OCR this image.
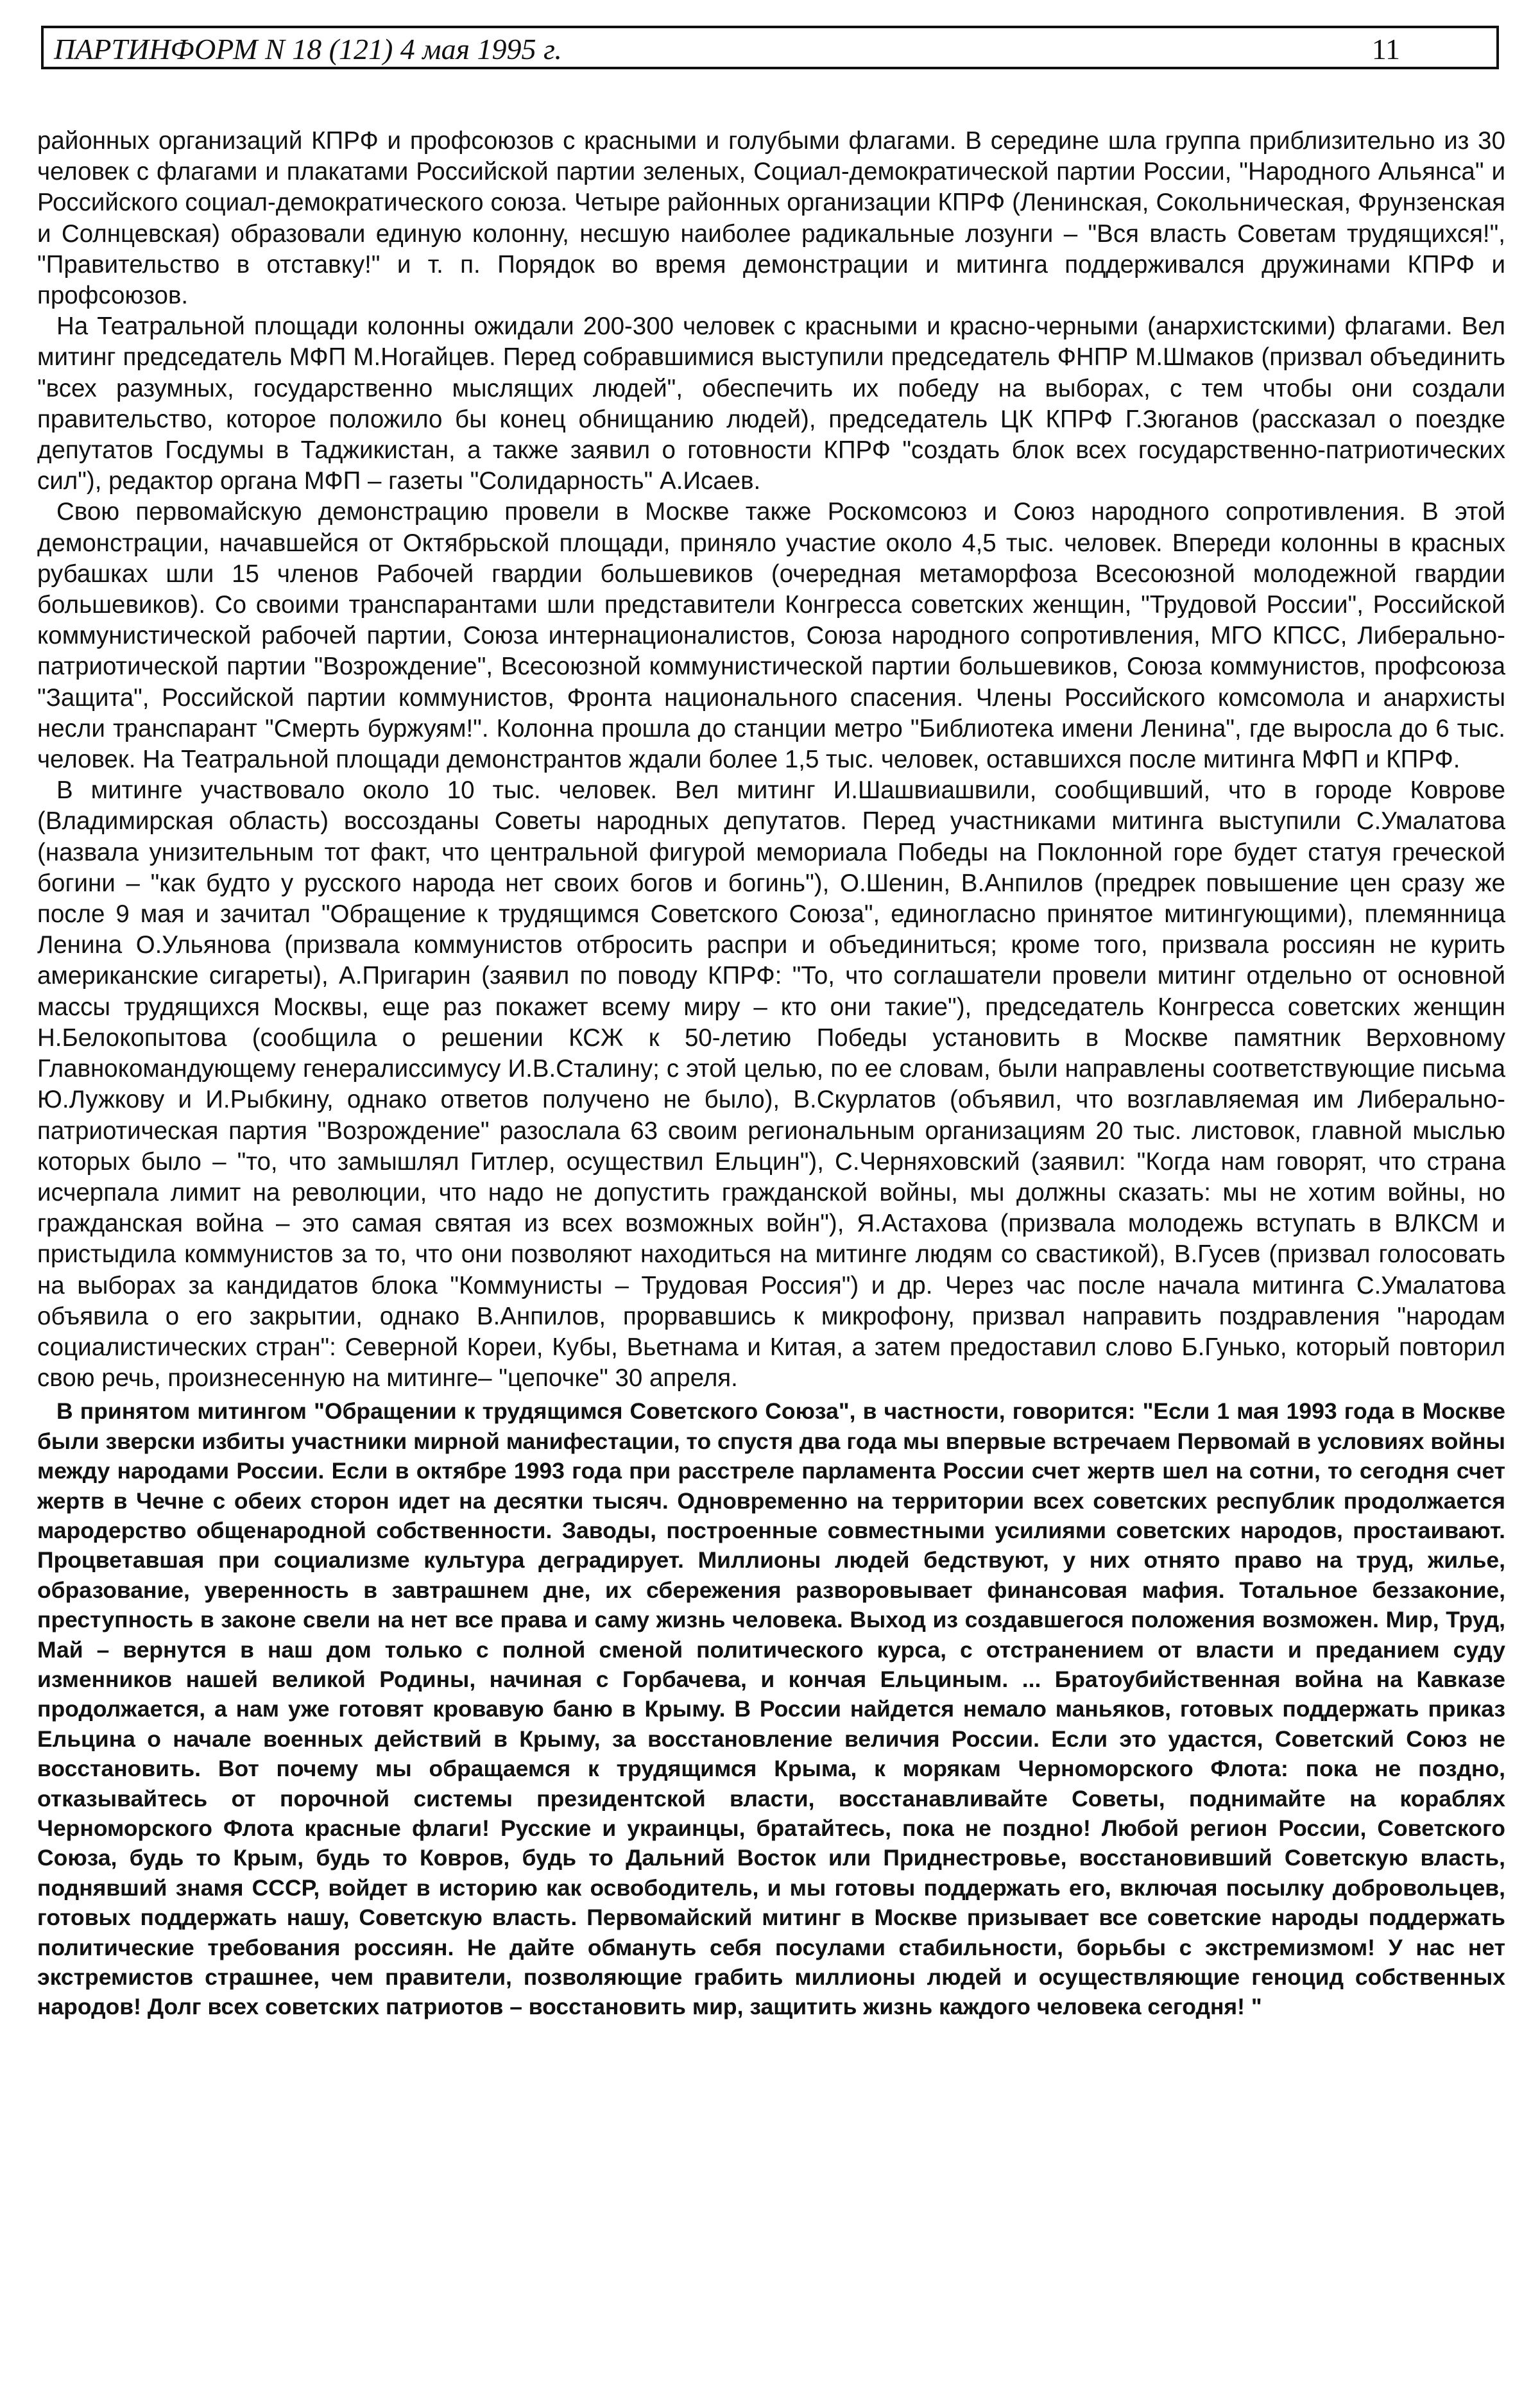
ПАРТИНФОРМ N 18 (121) 4 мая 1995 г.	11

районных организаций КПРФ и профсоюзов с красными и голубыми флагами. В середине шла группа приблизительно из 30 человек с флагами и плакатами Российской партии зеленых, Социал-демократической партии России, "Народного Альянса" и Российского социал-демократического союза. Четыре районных организации КПРФ (Ленинская, Сокольническая, Фрунзенская и Солнцевская) образовали единую колонну, несшую наиболее радикальные лозунги – "Вся власть Советам трудящихся!", "Правительство в отставку!" и т. п. Порядок во время демонстрации и митинга поддерживался дружинами КПРФ и профсоюзов.

На Театральной площади колонны ожидали 200-300 человек с красными и красно-черными (анархистскими) флагами. Вел митинг председатель МФП М.Ногайцев. Перед собравшимися выступили председатель ФНПР М.Шмаков (призвал объединить "всех разумных, государственно мыслящих людей", обеспечить их победу на выборах, с тем чтобы они создали правительство, которое положило бы конец обнищанию людей), председатель ЦК КПРФ Г.Зюганов (рассказал о поездке депутатов Госдумы в Таджикистан, а также заявил о готовности КПРФ "создать блок всех государственно-патриотических сил"), редактор органа МФП – газеты "Солидарность" А.Исаев.

Свою первомайскую демонстрацию провели в Москве также Роскомсоюз и Союз народного сопротивления. В этой демонстрации, начавшейся от Октябрьской площади, приняло участие около 4,5 тыс. человек. Впереди колонны в красных рубашках шли 15 членов Рабочей гвардии большевиков (очередная метаморфоза Всесоюзной молодежной гвардии большевиков). Со своими транспарантами шли представители Конгресса советских женщин, "Трудовой России", Российской коммунистической рабочей партии, Союза интернационалистов, Союза народного сопротивления, МГО КПСС, Либерально-патриотической партии "Возрождение", Всесоюзной коммунистической партии большевиков, Союза коммунистов, профсоюза "Защита", Российской партии коммунистов, Фронта национального спасения. Члены Российского комсомола и анархисты несли транспарант "Смерть буржуям!". Колонна прошла до станции метро "Библиотека имени Ленина", где выросла до 6 тыс. человек. На Театральной площади демонстрантов ждали более 1,5 тыс. человек, оставшихся после митинга МФП и КПРФ.

В митинге участвовало около 10 тыс. человек. Вел митинг И.Шашвиашвили, сообщивший, что в городе Коврове (Владимирская область) воссозданы Советы народных депутатов. Перед участниками митинга выступили С.Умалатова (назвала унизительным тот факт, что центральной фигурой мемориала Победы на Поклонной горе будет статуя греческой богини – "как будто у русского народа нет своих богов и богинь"), О.Шенин, В.Анпилов (предрек повышение цен сразу же после 9 мая и зачитал "Обращение к трудящимся Советского Союза", единогласно принятое митингующими), племянница Ленина О.Ульянова (призвала коммунистов отбросить распри и объединиться; кроме того, призвала россиян не курить американские сигареты), А.Пригарин (заявил по поводу КПРФ: "То, что соглашатели провели митинг отдельно от основной массы трудящихся Москвы, еще раз покажет всему миру – кто они такие"), председатель Конгресса советских женщин Н.Белокопытова (сообщила о решении КСЖ к 50-летию Победы установить в Москве памятник Верховному Главнокомандующему генералиссимусу И.В.Сталину; с этой целью, по ее словам, были направлены соответствующие письма Ю.Лужкову и И.Рыбкину, однако ответов получено не было), В.Скурлатов (объявил, что возглавляемая им Либерально-патриотическая партия "Возрождение" разослала 63 своим региональным организациям 20 тыс. листовок, главной мыслью которых было – "то, что замышлял Гитлер, осуществил Ельцин"), С.Черняховский (заявил: "Когда нам говорят, что страна исчерпала лимит на революции, что надо не допустить гражданской войны, мы должны сказать: мы не хотим войны, но гражданская война – это самая святая из всех возможных войн"), Я.Астахова (призвала молодежь вступать в ВЛКСМ и пристыдила коммунистов за то, что они позволяют находиться на митинге людям со свастикой), В.Гусев (призвал голосовать на выборах за кандидатов блока "Коммунисты – Трудовая Россия") и др. Через час после начала митинга С.Умалатова объявила о его закрытии, однако В.Анпилов, прорвавшись к микрофону, призвал направить поздравления "народам социалистических стран": Северной Кореи, Кубы, Вьетнама и Китая, а затем предоставил слово Б.Гунько, который повторил свою речь, произнесенную на митинге– "цепочке" 30 апреля.

В принятом митингом "Обращении к трудящимся Советского Союза", в частности, говорится: "Если 1 мая 1993 года в Москве были зверски избиты участники мирной манифестации, то спустя два года мы впервые встречаем Первомай в условиях войны между народами России. Если в октябре 1993 года при расстреле парламента России счет жертв шел на сотни, то сегодня счет жертв в Чечне с обеих сторон идет на десятки тысяч. Одновременно на территории всех советских республик продолжается мародерство общенародной собственности. Заводы, построенные совместными усилиями советских народов, простаивают. Процветавшая при социализме культура деградирует. Миллионы людей бедствуют, у них отнято право на труд, жилье, образование, уверенность в завтрашнем дне, их сбережения разворовывает финансовая мафия. Тотальное беззаконие, преступность в законе свели на нет все права и саму жизнь человека. Выход из создавшегося положения возможен. Мир, Труд, Май – вернутся в наш дом только с полной сменой политического курса, с отстранением от власти и преданием суду изменников нашей великой Родины, начиная с Горбачева, и кончая Ельциным. ... Братоубийственная война на Кавказе продолжается, а нам уже готовят кровавую баню в Крыму. В России найдется немало маньяков, готовых поддержать приказ Ельцина о начале военных действий в Крыму, за восстановление величия России. Если это удастся, Советский Союз не восстановить. Вот почему мы обращаемся к трудящимся Крыма, к морякам Черноморского Флота: пока не поздно, отказывайтесь от порочной системы президентской власти, восстанавливайте Советы, поднимайте на кораблях Черноморского Флота красные флаги! Русские и украинцы, братайтесь, пока не поздно! Любой регион России, Советского Союза, будь то Крым, будь то Ковров, будь то Дальний Восток или Приднестровье, восстановивший Советскую власть, поднявший знамя СССР, войдет в историю как освободитель, и мы готовы поддержать его, включая посылку добровольцев, готовых поддержать нашу, Советскую власть. Первомайский митинг в Москве призывает все советские народы поддержать политические требования россиян. Не дайте обмануть себя посулами стабильности, борьбы с экстремизмом! У нас нет экстремистов страшнее, чем правители, позволяющие грабить миллионы людей и осуществляющие геноцид собственных народов! Долг всех советских патриотов – восстановить мир, защитить жизнь каждого человека сегодня! "
